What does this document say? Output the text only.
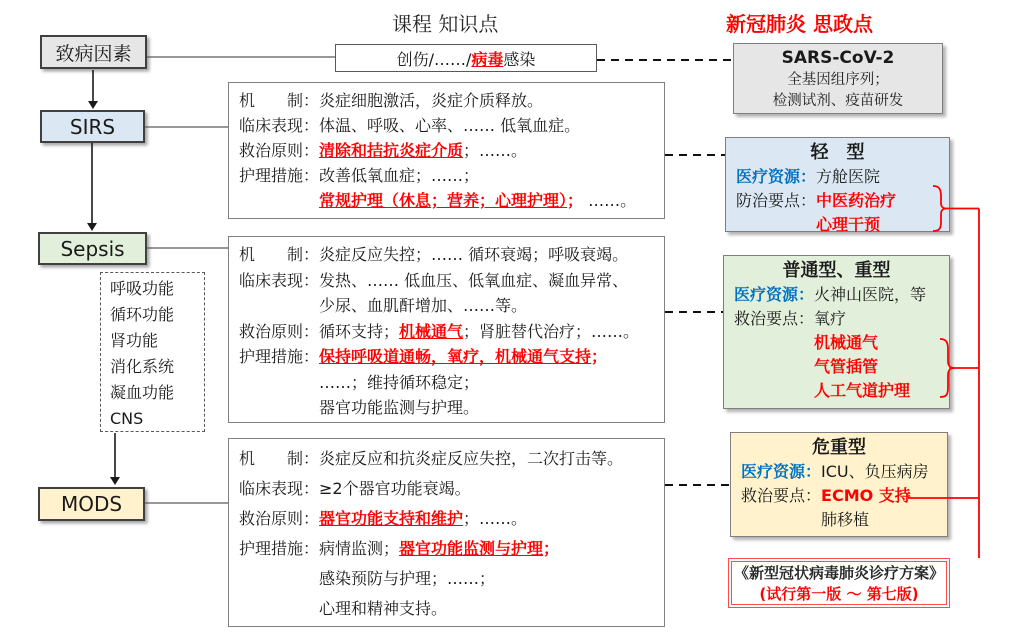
课程 知识点	新冠肺炎 思政点
致病因素
SIRS
Sepsis
MODS
呼吸功能
循环功能
肾功能
消化系统
凝血功能
CNS
创伤/……/ 病毒 感染
机　　制：炎症细胞激活，炎症介质释放。
临床表现：体温、呼吸、心率、…… 低氧血症。
救治原则：清除和拮抗炎症介质；……。
护理措施：改善低氧血症；……；
常规护理（休息；营养；心理护理）； ……。
机　　制：炎症反应失控；…… 循环衰竭；呼吸衰竭。
临床表现：发热、…… 低血压、低氧血症、凝血异常、
少尿、血肌酐增加、……等。
救治原则：循环支持；机械通气；肾脏替代治疗；……。
护理措施：保持呼吸道通畅，氧疗，机械通气支持；
……；维持循环稳定；
器官功能监测与护理。
机　　制：炎症反应和抗炎症反应失控，二次打击等。
临床表现：≥2个器官功能衰竭。
救治原则：器官功能支持和维护；……。
护理措施：病情监测；器官功能监测与护理；
感染预防与护理；……；
心理和精神支持。
SARS-CoV-2
全基因组序列；
检测试剂、疫苗研发
轻　型
医疗资源：方舱医院
防治要点：中医药治疗
心理干预
普通型、重型
医疗资源：火神山医院，等
救治要点：氧疗
机械通气
气管插管
人工气道护理
危重型
医疗资源：ICU、负压病房
救治要点：ECMO 支持
肺移植
《新型冠状病毒肺炎诊疗方案》
(试行第一版 ～ 第七版)
